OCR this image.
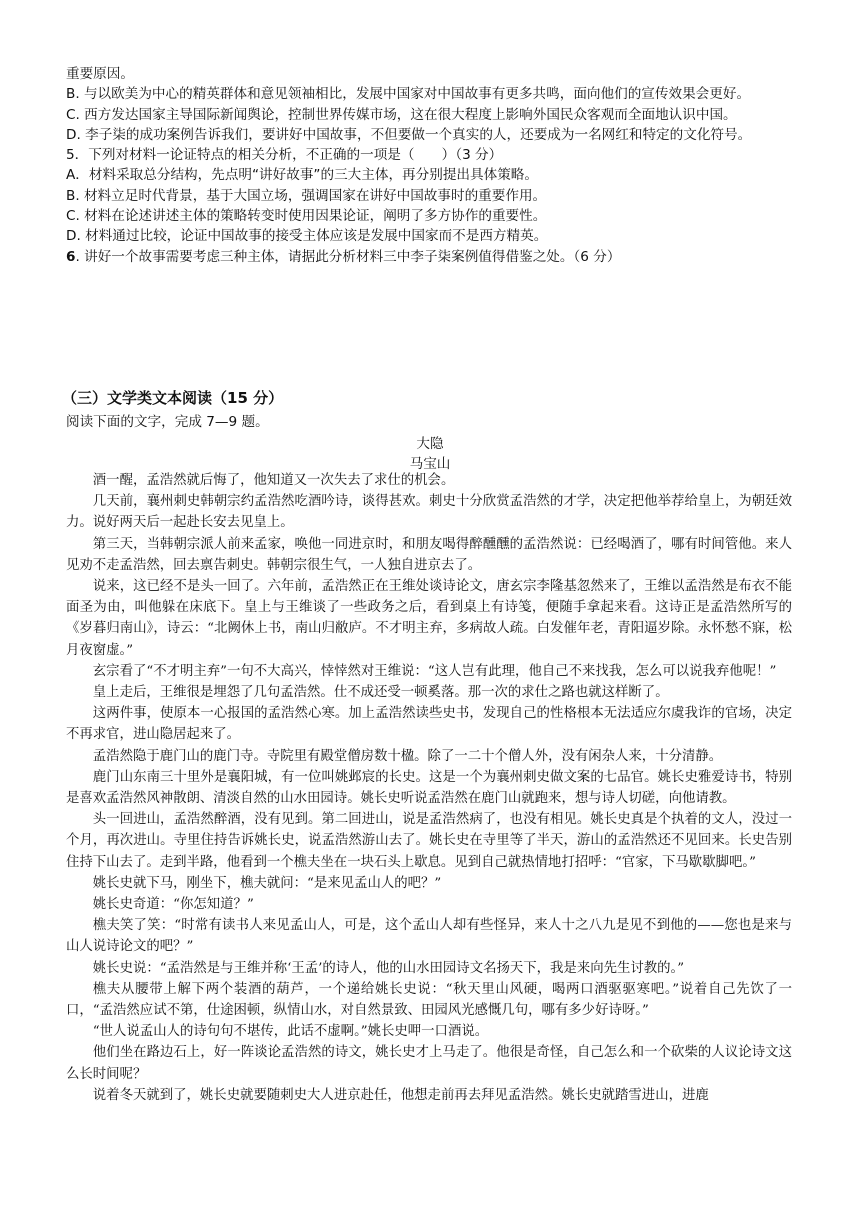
重要原因。

B. 与以欧美为中心的精英群体和意见领袖相比，发展中国家对中国故事有更多共鸣，面向他们的宣传效果会更好。

C. 西方发达国家主导国际新闻舆论，控制世界传媒市场，这在很大程度上影响外国民众客观而全面地认识中国。

D. 李子柒的成功案例告诉我们，要讲好中国故事，不但要做一个真实的人，还要成为一名网红和特定的文化符号。

5．下列对材料一论证特点的相关分析，不正确的一项是（　　）（3 分）

A．材料采取总分结构，先点明“讲好故事”的三大主体，再分别提出具体策略。

B. 材料立足时代背景，基于大国立场，强调国家在讲好中国故事时的重要作用。

C. 材料在论述讲述主体的策略转变时使用因果论证，阐明了多方协作的重要性。

D. 材料通过比较，论证中国故事的接受主体应该是发展中国家而不是西方精英。

6. 讲好一个故事需要考虑三种主体，请据此分析材料三中李子柒案例值得借鉴之处。（6 分）

（三）文学类文本阅读（15 分）

阅读下面的文字，完成 7—9 题。

大隐

马宝山

酒一醒，孟浩然就后悔了，他知道又一次失去了求仕的机会。

几天前，襄州刺史韩朝宗约孟浩然吃酒吟诗，谈得甚欢。刺史十分欣赏孟浩然的才学，决定把他举荐给皇上，为朝廷效力。说好两天后一起赴长安去见皇上。

第三天，当韩朝宗派人前来孟家，唤他一同进京时，和朋友喝得醉醺醺的孟浩然说：已经喝酒了，哪有时间管他。来人见劝不走孟浩然，回去禀告刺史。韩朝宗很生气，一人独自进京去了。

说来，这已经不是头一回了。六年前，孟浩然正在王维处谈诗论文，唐玄宗李隆基忽然来了，王维以孟浩然是布衣不能面圣为由，叫他躲在床底下。皇上与王维谈了一些政务之后，看到桌上有诗笺，便随手拿起来看。这诗正是孟浩然所写的《岁暮归南山》，诗云：“北阙休上书，南山归敝庐。不才明主弃，多病故人疏。白发催年老，青阳逼岁除。永怀愁不寐，松月夜窗虚。”

玄宗看了“不才明主弃”一句不大高兴，悻悻然对王维说：“这人岂有此理，他自己不来找我，怎么可以说我弃他呢！”

皇上走后，王维很是埋怨了几句孟浩然。仕不成还受一顿奚落。那一次的求仕之路也就这样断了。

这两件事，使原本一心报国的孟浩然心寒。加上孟浩然读些史书，发现自己的性格根本无法适应尔虞我诈的官场，决定不再求官，进山隐居起来了。

孟浩然隐于鹿门山的鹿门寺。寺院里有殿堂僧房数十楹。除了一二十个僧人外，没有闲杂人来，十分清静。

鹿门山东南三十里外是襄阳城，有一位叫姚邺宸的长史。这是一个为襄州刺史做文案的七品官。姚长史雅爱诗书，特别是喜欢孟浩然风神散朗、清淡自然的山水田园诗。姚长史听说孟浩然在鹿门山就跑来，想与诗人切磋，向他请教。

头一回进山，孟浩然醉酒，没有见到。第二回进山，说是孟浩然病了，也没有相见。姚长史真是个执着的文人，没过一个月，再次进山。寺里住持告诉姚长史，说孟浩然游山去了。姚长史在寺里等了半天，游山的孟浩然还不见回来。长史告别住持下山去了。走到半路，他看到一个樵夫坐在一块石头上歇息。见到自己就热情地打招呼：“官家，下马歇歇脚吧。”

姚长史就下马，刚坐下，樵夫就问：“是来见孟山人的吧？”

姚长史奇道：“你怎知道？”

樵夫笑了笑：“时常有读书人来见孟山人，可是，这个孟山人却有些怪异，来人十之八九是见不到他的——您也是来与山人说诗论文的吧？”

姚长史说：“孟浩然是与王维并称‘王孟’的诗人，他的山水田园诗文名扬天下，我是来向先生讨教的。”

樵夫从腰带上解下两个装酒的葫芦，一个递给姚长史说：“秋天里山风硬，喝两口酒驱驱寒吧。”说着自己先饮了一口，“孟浩然应试不第，仕途困顿，纵情山水，对自然景致、田园风光感慨几句，哪有多少好诗呀。”

“世人说孟山人的诗句句不堪传，此话不虚啊。”姚长史呷一口酒说。

他们坐在路边石上，好一阵谈论孟浩然的诗文，姚长史才上马走了。他很是奇怪，自己怎么和一个砍柴的人议论诗文这么长时间呢？

说着冬天就到了，姚长史就要随刺史大人进京赴任，他想走前再去拜见孟浩然。姚长史就踏雪进山，进鹿
